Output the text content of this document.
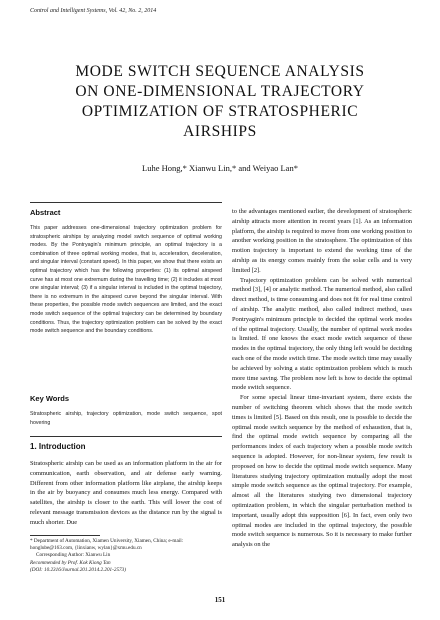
Control and Intelligent Systems, Vol. 42, No. 2, 2014
MODE SWITCH SEQUENCE ANALYSIS
ON ONE-DIMENSIONAL TRAJECTORY
OPTIMIZATION OF STRATOSPHERIC
AIRSHIPS
Luhe Hong,* Xianwu Lin,* and Weiyao Lan*
Abstract
This paper addresses one-dimensional trajectory optimization problem for stratospheric airships by analyzing model switch sequence of optimal working modes. By the Pontryagin's minimum principle, an optimal trajectory is a combination of three optimal working modes, that is, acceleration, deceleration, and singular interval (constant speed). In this paper, we show that there exists an optimal trajectory which has the following properties: (1) its optimal airspeed curve has at most one extremum during the travelling time; (2) it includes at most one singular interval; (3) if a singular interval is included in the optimal trajectory, there is no extremum in the airspeed curve beyond the singular interval. With these properties, the possible mode switch sequences are limited, and the exact mode switch sequence of the optimal trajectory can be determined by boundary conditions. Thus, the trajectory optimization problem can be solved by the exact mode switch sequence and the boundary conditions.
Key Words
Stratospheric airship, trajectory optimization, mode switch sequence, spot hovering
1. Introduction
Stratospheric airship can be used as an information platform in the air for communication, earth observation, and air defense early warning. Different from other information platform like airplane, the airship keeps in the air by buoyancy and consumes much less energy. Compared with satellites, the airship is closer to the earth. This will lower the cost of relevant message transmission devices as the distance run by the signal is much shorter. Due
* Department of Automation, Xiamen University, Xiamen, China; e-mail: honglube@163.com, {linxianw, wylan}@xmu.edu.cn
Corresponding Author: Xianwu Lin
Recommended by Prof. Kok Kiong Tan
(DOI: 10.2316/Journal.201.2014.2.201-2573)

to the advantages mentioned earlier, the development of stratospheric airship attracts more attention in recent years [1]. As an information platform, the airship is required to move from one working position to another working position in the stratosphere. The optimization of this motion trajectory is important to extend the working time of the airship as its energy comes mainly from the solar cells and is very limited [2].

Trajectory optimization problem can be solved with numerical method [3], [4] or analytic method. The numerical method, also called direct method, is time consuming and does not fit for real time control of airship. The analytic method, also called indirect method, uses Pontryagin's minimum principle to decided the optimal work modes of the optimal trajectory. Usually, the number of optimal work modes is limited. If one knows the exact mode switch sequence of these modes in the optimal trajectory, the only thing left would be deciding each one of the mode switch time. The mode switch time may usually be achieved by solving a static optimization problem which is much more time saving. The problem now left is how to decide the optimal mode switch sequence.

For some special linear time-invariant system, there exists the number of switching theorem which shows that the mode switch times is limited [5]. Based on this result, one is possible to decide the optimal mode switch sequence by the method of exhaustion, that is, find the optimal mode switch sequence by comparing all the performances index of each trajectory when a possible mode switch sequence is adopted. However, for non-linear system, few result is proposed on how to decide the optimal mode switch sequence. Many literatures studying trajectory optimization mutually adopt the most simple mode switch sequence as the optimal trajectory. For example, almost all the literatures studying two dimensional trajectory optimization problem, in which the singular perturbation method is important, usually adopt this supposition [6]. In fact, even only two optimal modes are included in the optimal trajectory, the possible mode switch sequence is numerous. So it is necessary to make further analysis on the

151
